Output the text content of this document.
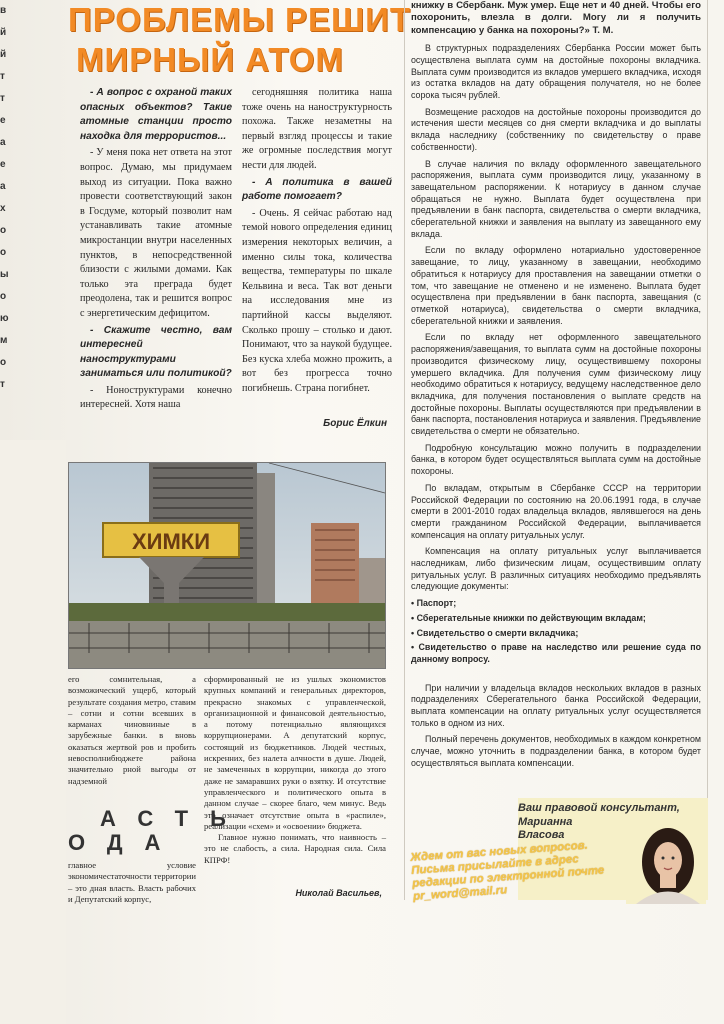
в
й
й
т
т
е
а
е
а
х
о
о
ы
о
ю
м
о
т
ПРОБЛЕМЫ РЕШИТ
МИРНЫЙ АТОМ

- А вопрос с охраной таких опасных объектов? Такие атомные станции просто находка для террористов...

- У меня пока нет ответа на этот вопрос. Думаю, мы придумаем выход из ситуации. Пока важно провести соответствующий закон в Госдуме, который позволит нам устанавливать такие атомные микростанции внутри населенных пунктов, в непосредственной близости с жилыми домами. Как только эта преграда будет преодолена, так и решится вопрос с энергетическим дефицитом.

- Скажите честно, вам интересней наноструктурами заниматься или политикой?

- Ноноструктурами конечно интересней. Хотя наша

сегодняшняя политика наша тоже очень на наноструктурность похожа. Также незаметны на первый взгляд процессы и такие же огромные последствия могут нести для людей.

- А политика в вашей работе помогает?

- Очень. Я сейчас работаю над темой нового определения единиц измерения некоторых величин, а именно силы тока, количества вещества, температуры по шкале Кельвина и веса. Так вот деньги на исследования мне из партийной кассы выделяют. Сколько прошу – столько и дают. Понимают, что за наукой будущее. Без куска хлеба можно прожить, а вот без прогресса точно погибнешь. Страна погибнет.

Борис Ёлкин
ХИМКИ

его сомнительная, а возможический ущерб, который результате создания метро, ставим – сотни и сотни всевших в карманах чиновниные в зарубежные банки. в вновь оказаться жертвой ров и пробить невосполнибюджете района значительно рной выгоды от надземной

сформированный не из ушлых экономистов крупных компаний и генеральных директоров, прекрасно знакомых с управленческой, организационной и финансовой деятельностью, а потому потенциально являющихся коррупционерами. А депутатский корпус, состоящий из бюджетников. Людей честных, искренних, без налета алчности в душе. Людей, не замеченных в коррупции, никогда до этого даже не замаравших руки о взятку. И отсутствие управленческого и политического опыта в данном случае – скорее благо, чем минус. Ведь это означает отсутствие опыта в «распиле», реализации «схем» и «освоении» бюджета.

Главное нужно понимать, что наивность – это не слабость, а сила. Народная сила. Сила КПРФ!

АСТЬ
ОДА

главное условие экономичестаточности территории – это дная власть. Власть рабочих и Депутатский корпус,

Николай Васильев,
книжку в Сбербанк. Муж умер. Еще нет и 40 дней. Чтобы его похоронить, влезла в долги. Могу ли я получить компенсацию у банка на похороны?» Т. М.

В структурных подразделениях Сбербанка России может быть осуществлена выплата сумм на достойные похороны вкладчика. Выплата сумм производится из вкладов умершего вкладчика, исходя из остатка вкладов на дату обращения получателя, но не более сорока тысяч рублей.

Возмещение расходов на достойные похороны производится до истечения шести месяцев со дня смерти вкладчика и до выплаты вклада наследнику (собственнику по свидетельству о праве собственности).

В случае наличия по вкладу оформленного завещательного распоряжения, выплата сумм производится лицу, указанному в завещательном распоряжении. К нотариусу в данном случае обращаться не нужно. Выплата будет осуществлена при предъявлении в банк паспорта, свидетельства о смерти вкладчика, сберегательной книжки и заявления на выплату из завещанного ему вклада.

Если по вкладу оформлено нотариально удостоверенное завещание, то лицу, указанному в завещании, необходимо обратиться к нотариусу для проставления на завещании отметки о том, что завещание не отменено и не изменено. Выплата будет осуществлена при предъявлении в банк паспорта, завещания (с отметкой нотариуса), свидетельства о смерти вкладчика, сберегательной книжки и заявления.

Если по вкладу нет оформленного завещательного распоряжения/завещания, то выплата сумм на достойные похороны производится физическому лицу, осуществившему похороны умершего вкладчика. Для получения сумм физическому лицу необходимо обратиться к нотариусу, ведущему наследственное дело вкладчика, для получения постановления о выплате средств на достойные похороны. Выплаты осуществляются при предъявлении в банк паспорта, постановления нотариуса и заявления. Предъявление свидетельства о смерти не обязательно.

Подробную консультацию можно получить в подразделении банка, в котором будет осуществляться выплата сумм на достойные похороны.

По вкладам, открытым в Сбербанке СССР на территории Российской Федерации по состоянию на 20.06.1991 года, в случае смерти в 2001-2010 годах владельца вкладов, являвшегося на день смерти гражданином Российской Федерации, выплачивается компенсация на оплату ритуальных услуг.

Компенсация на оплату ритуальных услуг выплачивается наследникам, либо физическим лицам, осуществившим оплату ритуальных услуг. В различных ситуациях необходимо предъявлять следующие документы:

• Паспорт;

• Сберегательные книжки по действующим вкладам;

• Свидетельство о смерти вкладчика;

• Свидетельство о праве на наследство или решение суда по данному вопросу.

При наличии у владельца вкладов нескольких вкладов в разных подразделениях Сберегательного банка Российской Федерации, выплата компенсации на оплату ритуальных услуг осуществляется только в одном из них.

Полный перечень документов, необходимых в каждом конкретном случае, можно уточнить в подразделении банка, в котором будет осуществляться выплата компенсации.

Ваш правовой консультант,
Марианна
Власова
Ждем от вас новых вопросов. Письма присылайте в адрес редакции по электронной почте pr_word@mail.ru
